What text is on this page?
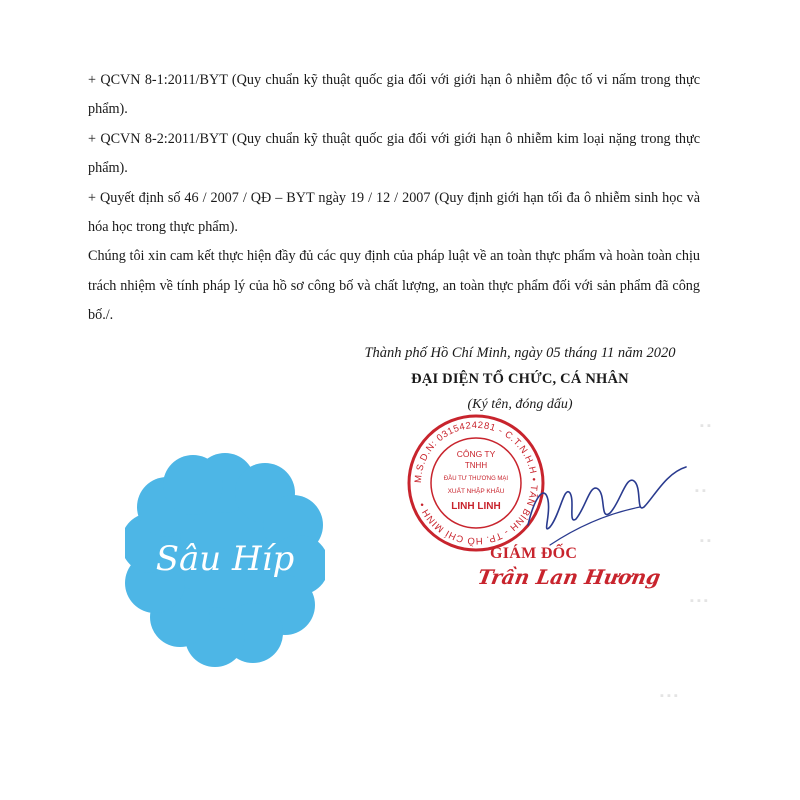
+ QCVN 8-1:2011/BYT (Quy chuẩn kỹ thuật quốc gia đối với giới hạn ô nhiễm độc tố vi nấm trong thực phẩm).

+ QCVN 8-2:2011/BYT (Quy chuẩn kỹ thuật quốc gia đối với giới hạn ô nhiễm kim loại nặng trong thực phẩm).

+ Quyết định số 46 / 2007 / QĐ – BYT ngày 19 / 12 / 2007 (Quy định giới hạn tối đa ô nhiễm sinh học và hóa học trong thực phẩm).

Chúng tôi xin cam kết thực hiện đầy đủ các quy định của pháp luật về an toàn thực phẩm và hoàn toàn chịu trách nhiệm về tính pháp lý của hồ sơ công bố và chất lượng, an toàn thực phẩm đối với sản phẩm đã công bố./.

Thành phố Hồ Chí Minh, ngày 05 tháng 11 năm 2020
ĐẠI DIỆN TỔ CHỨC, CÁ NHÂN
(Ký tên, đóng dấu)
▪ ▪
▪ ▪
▪ ▪
▪ ▪ ▪
▪ ▪ ▪
M.S.D.N: 0315424281 - C.T.N.H.H • TÂN BÌNH - TP. HỒ CHÍ MINH •
CÔNG TY
TNHH
ĐẦU TƯ THƯƠNG MẠI
XUẤT NHẬP KHẨU
LINH LINH
GIÁM ĐỐC
Trần Lan Hương
Sâu Híp
